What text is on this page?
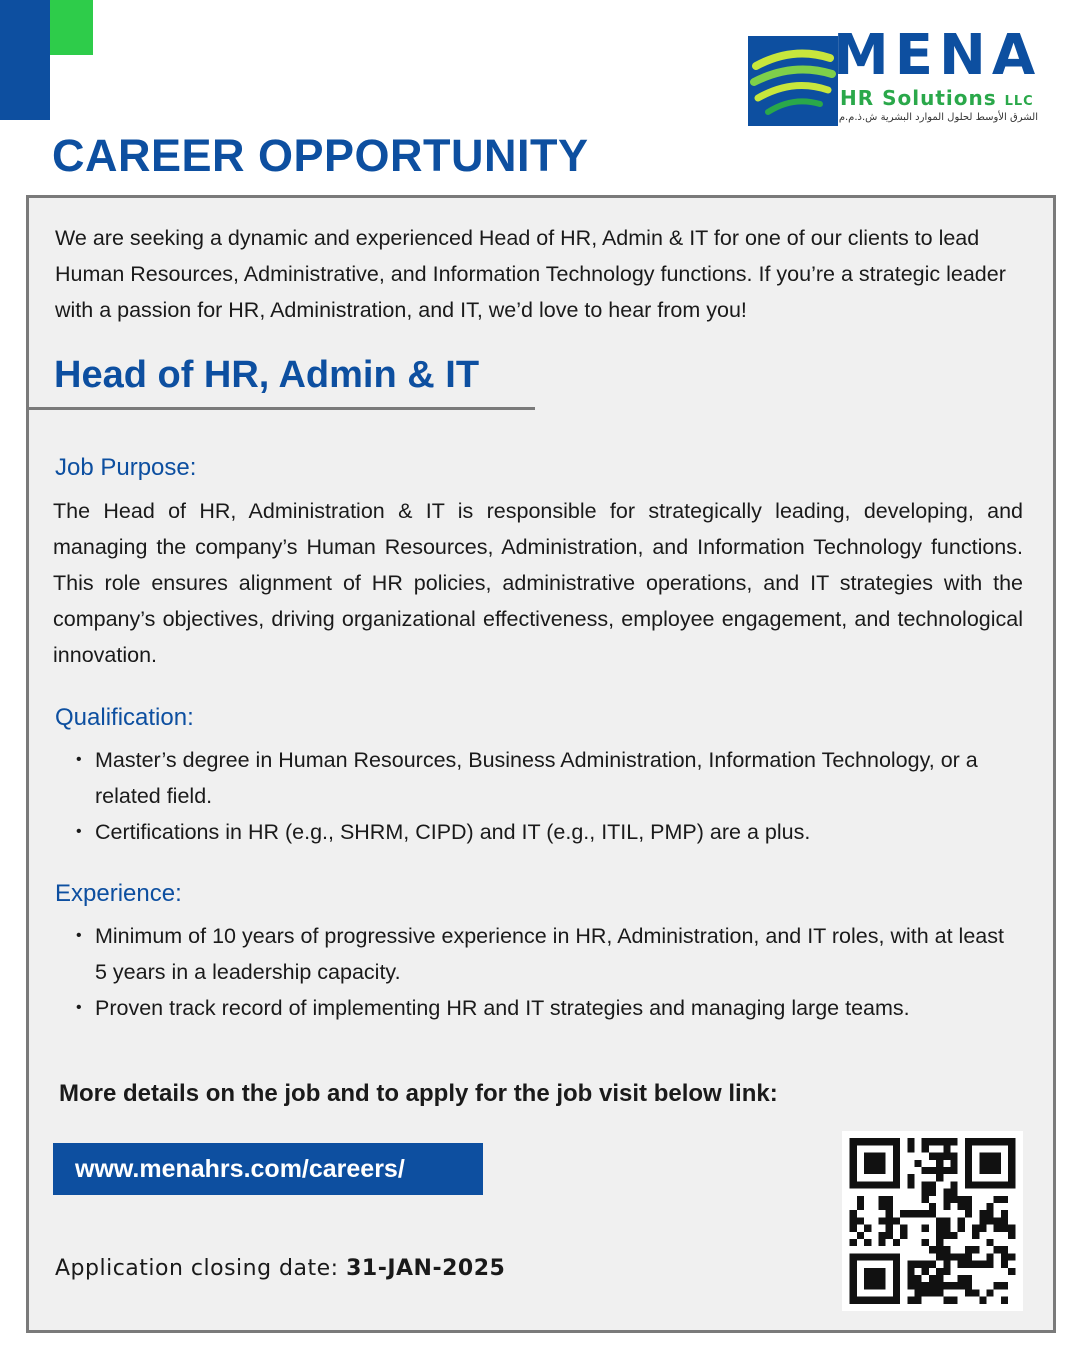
MENA
HR Solutions LLC
الشرق الأوسط لحلول الموارد البشرية ش.ذ.م.م
CAREER OPPORTUNITY

We are seeking a dynamic and experienced Head of HR, Admin & IT for one of our clients to lead Human Resources, Administrative, and Information Technology functions. If you’re a strategic leader with a passion for HR, Administration, and IT, we’d love to hear from you!

Head of HR, Admin & IT
Job Purpose:

The Head of HR, Administration & IT is responsible for strategically leading, developing, and managing the company’s Human Resources, Administration, and Information Technology functions. This role ensures alignment of HR policies, administrative operations, and IT strategies with the company’s objectives, driving organizational effectiveness, employee engagement, and technological innovation.

Qualification:
• Master’s degree in Human Resources, Business Administration, Information Technology, or a related field.
• Certifications in HR (e.g., SHRM, CIPD) and IT (e.g., ITIL, PMP) are a plus.
Experience:
• Minimum of 10 years of progressive experience in HR, Administration, and IT roles, with at least 5 years in a leadership capacity.
• Proven track record of implementing HR and IT strategies and managing large teams.

More details on the job and to apply for the job visit below link:

www.menahrs.com/careers/
Application closing date: 31-JAN-2025
